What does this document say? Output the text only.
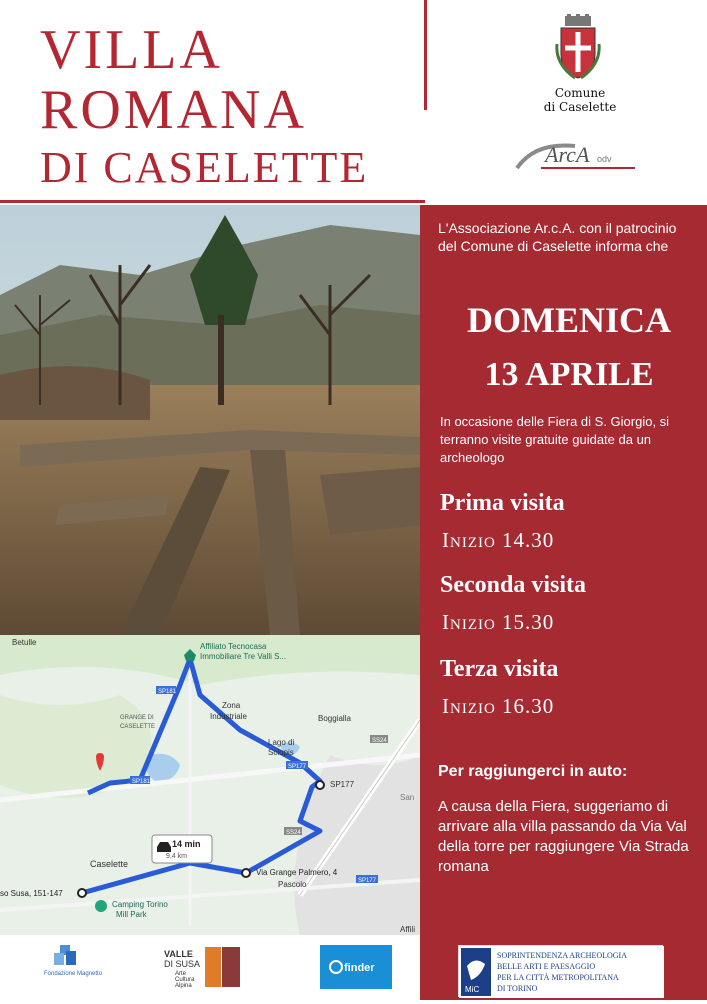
VILLA
ROMANA
DI CASELETTE
Comune
di Caselette
ArcA odv
Betulle	Affiliato Tecnocasa
Immobiliare Tre Valli S...
Zona
Industriale
GRANGE DI
CASELETTE
Boggialla
Lago di
Sclopis
SP177
SP177
SP177
SP181
SP181
SS24
SS24
Caselette
Via Grange Palmero, 4
Pascolo
so Susa, 151-147
Camping Torino
Mill Park
San
Affili
14 min
9,4 km
Fondazione Magnetto
VALLE
DI SUSA
Arte
Cultura
Alpina
finder
L'Associazione Ar.c.A. con il patrocinio del Comune di Caselette informa che
DOMENICA
13 APRILE
In occasione delle Fiera di S. Giorgio, si terranno visite gratuite guidate da un archeologo
Prima visita
Inizio 14.30
Seconda visita
Inizio 15.30
Terza visita
Inizio 16.30
Per raggiungerci in auto:
A causa della Fiera, suggeriamo di arrivare alla villa passando da Via Val della torre per raggiungere Via Strada romana
MiC
SOPRINTENDENZA ARCHEOLOGIA
BELLE ARTI E PAESAGGIO
PER LA CITTÀ METROPOLITANA
DI TORINO
